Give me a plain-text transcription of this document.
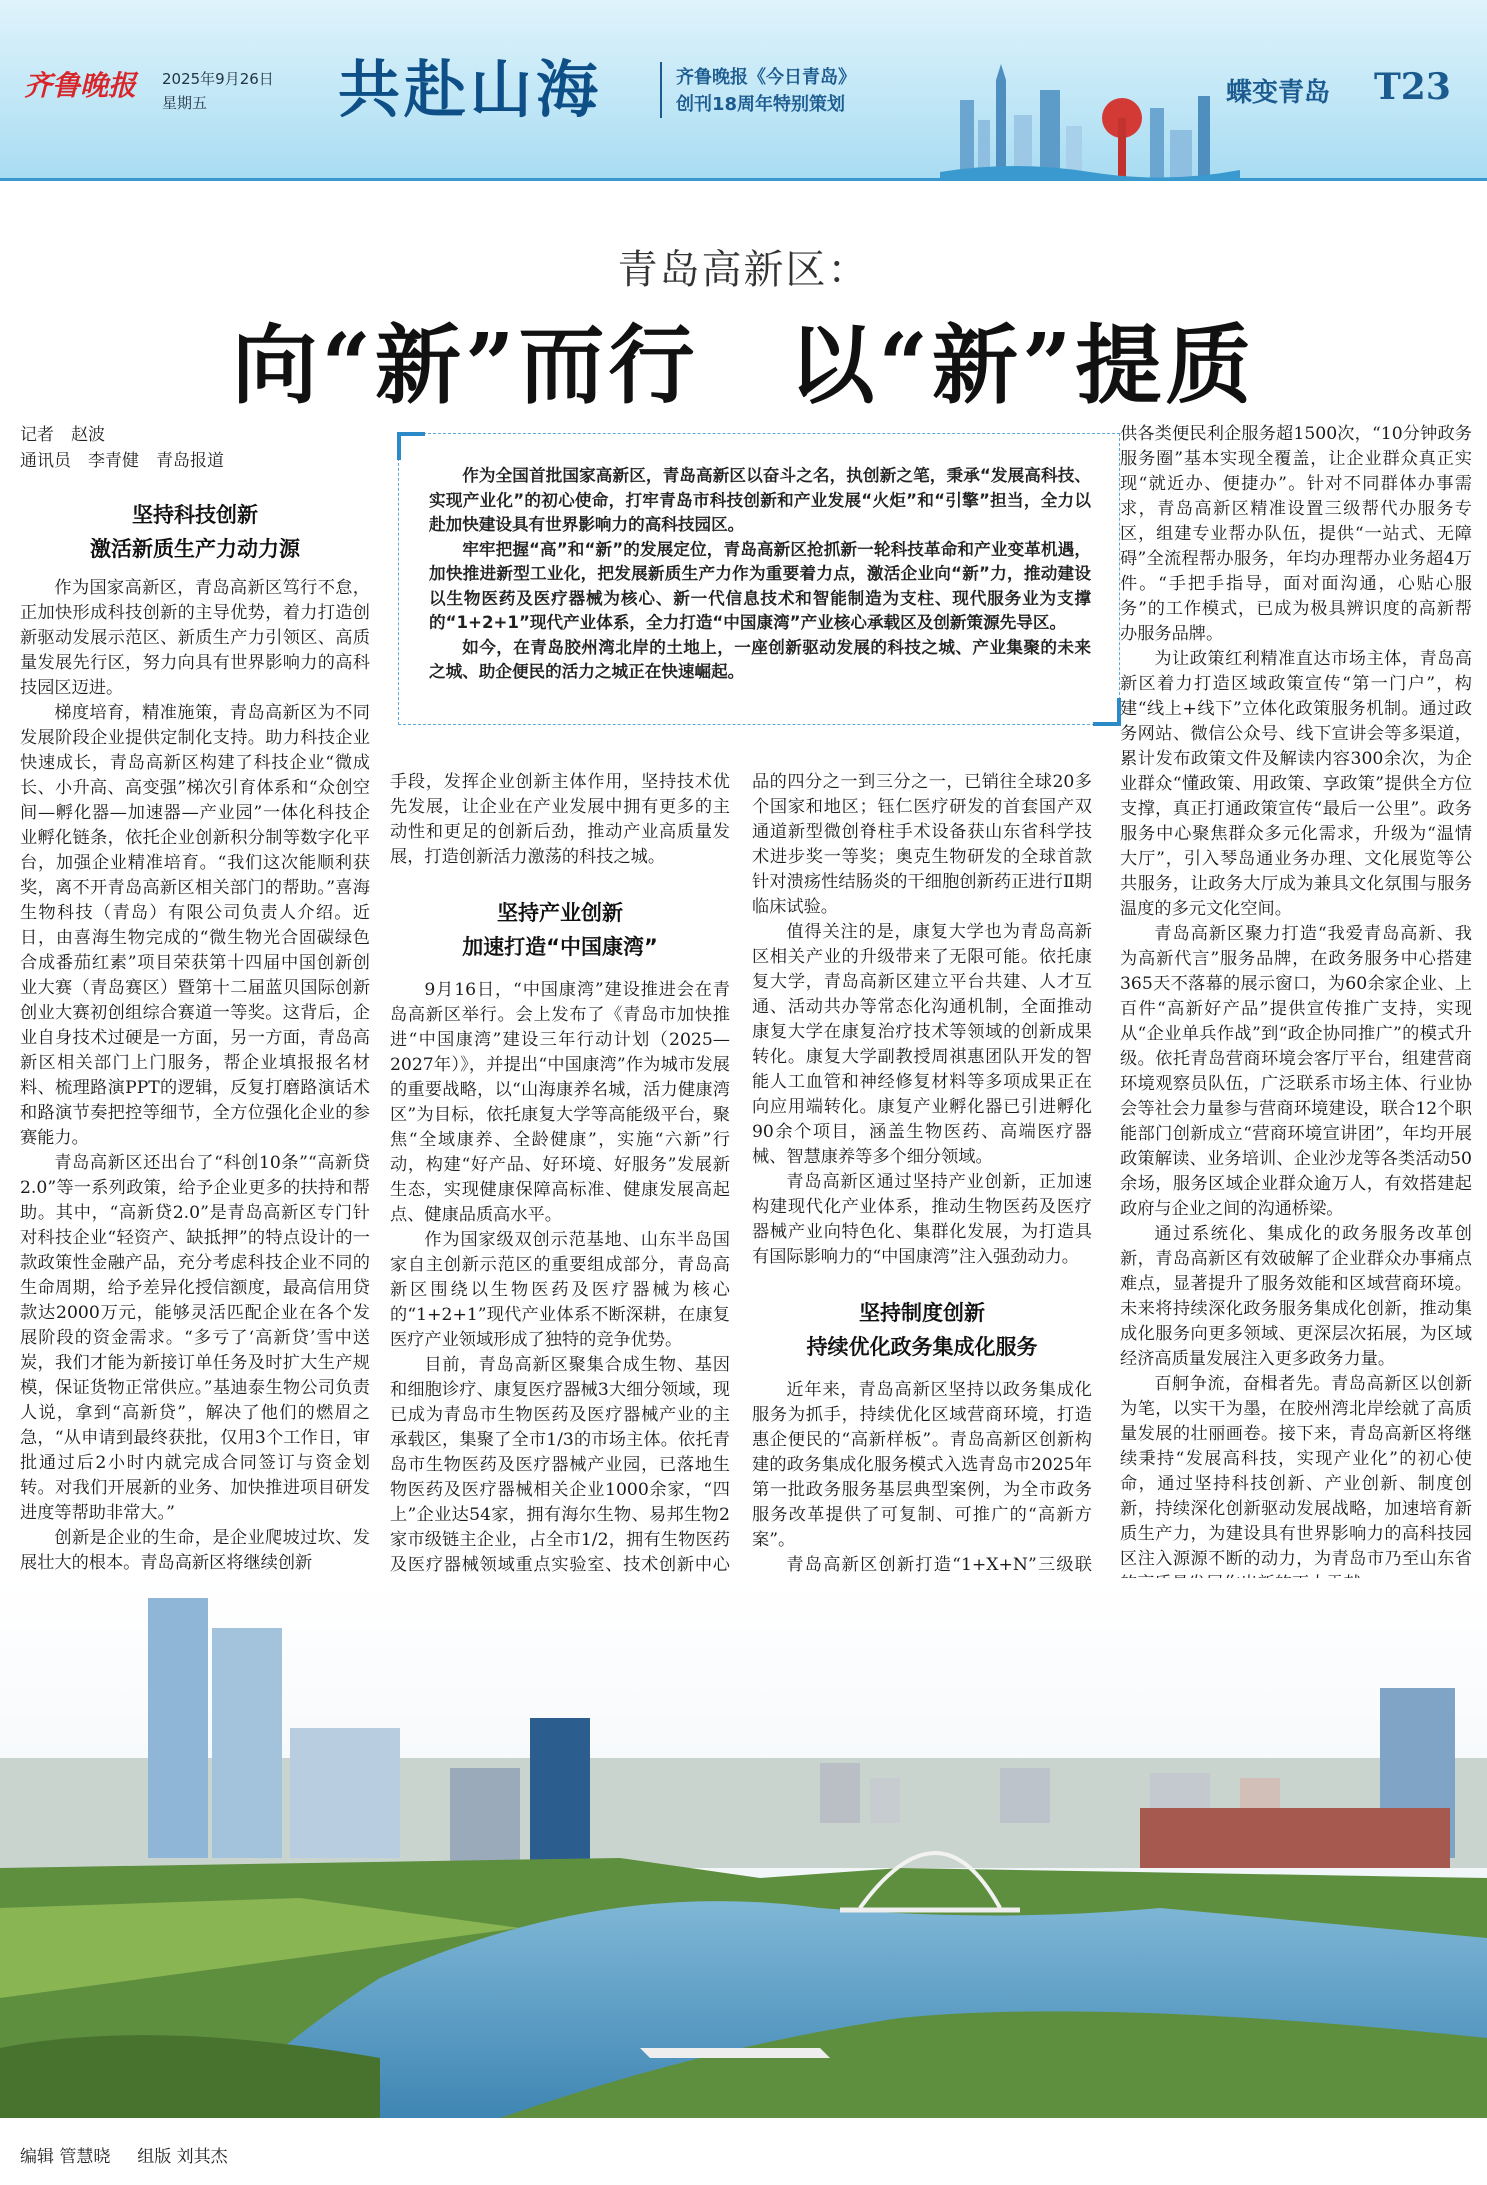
齐鲁晚报 2025年9月26日
星期五 共赴山海	齐鲁晚报《今日青岛》
创刊18周年特别策划	蝶变青岛 T23
青岛高新区：
向“新”而行　以“新”提质
记者　赵波
通讯员　李青健　青岛报道

作为全国首批国家高新区，青岛高新区以奋斗之名，执创新之笔，秉承“发展高科技、实现产业化”的初心使命，打牢青岛市科技创新和产业发展“火炬”和“引擎”担当，全力以赴加快建设具有世界影响力的高科技园区。

牢牢把握“高”和“新”的发展定位，青岛高新区抢抓新一轮科技革命和产业变革机遇，加快推进新型工业化，把发展新质生产力作为重要着力点，激活企业向“新”力，推动建设以生物医药及医疗器械为核心、新一代信息技术和智能制造为支柱、现代服务业为支撑的“1+2+1”现代产业体系，全力打造“中国康湾”产业核心承载区及创新策源先导区。

如今，在青岛胶州湾北岸的土地上，一座创新驱动发展的科技之城、产业集聚的未来之城、助企便民的活力之城正在快速崛起。

坚持科技创新
激活新质生产力动力源

作为国家高新区，青岛高新区笃行不怠，正加快形成科技创新的主导优势，着力打造创新驱动发展示范区、新质生产力引领区、高质量发展先行区，努力向具有世界影响力的高科技园区迈进。

梯度培育，精准施策，青岛高新区为不同发展阶段企业提供定制化支持。助力科技企业快速成长，青岛高新区构建了科技企业“微成长、小升高、高变强”梯次引育体系和“众创空间—孵化器—加速器—产业园”一体化科技企业孵化链条，依托企业创新积分制等数字化平台，加强企业精准培育。“我们这次能顺利获奖，离不开青岛高新区相关部门的帮助。”喜海生物科技（青岛）有限公司负责人介绍。近日，由喜海生物完成的“微生物光合固碳绿色合成番茄红素”项目荣获第十四届中国创新创业大赛（青岛赛区）暨第十二届蓝贝国际创新创业大赛初创组综合赛道一等奖。这背后，企业自身技术过硬是一方面，另一方面，青岛高新区相关部门上门服务，帮企业填报报名材料、梳理路演PPT的逻辑，反复打磨路演话术和路演节奏把控等细节，全方位强化企业的参赛能力。

青岛高新区还出台了“科创10条”“高新贷2.0”等一系列政策，给予企业更多的扶持和帮助。其中，“高新贷2.0”是青岛高新区专门针对科技企业“轻资产、缺抵押”的特点设计的一款政策性金融产品，充分考虑科技企业不同的生命周期，给予差异化授信额度，最高信用贷款达2000万元，能够灵活匹配企业在各个发展阶段的资金需求。“多亏了‘高新贷’雪中送炭，我们才能为新接订单任务及时扩大生产规模，保证货物正常供应。”基迪泰生物公司负责人说，拿到“高新贷”，解决了他们的燃眉之急，“从申请到最终获批，仅用3个工作日，审批通过后2小时内就完成合同签订与资金划转。对我们开展新的业务、加快推进项目研发进度等帮助非常大。”

创新是企业的生命，是企业爬坡过坎、发展壮大的根本。青岛高新区将继续创新

手段，发挥企业创新主体作用，坚持技术优先发展，让企业在产业发展中拥有更多的主动性和更足的创新后劲，推动产业高质量发展，打造创新活力激荡的科技之城。

坚持产业创新
加速打造“中国康湾”

9月16日，“中国康湾”建设推进会在青岛高新区举行。会上发布了《青岛市加快推进“中国康湾”建设三年行动计划（2025—2027年）》，并提出“中国康湾”作为城市发展的重要战略，以“山海康养名城，活力健康湾区”为目标，依托康复大学等高能级平台，聚焦“全域康养、全龄健康”，实施“六新”行动，构建“好产品、好环境、好服务”发展新生态，实现健康保障高标准、健康发展高起点、健康品质高水平。

作为国家级双创示范基地、山东半岛国家自主创新示范区的重要组成部分，青岛高新区围绕以生物医药及医疗器械为核心的“1+2+1”现代产业体系不断深耕，在康复医疗产业领域形成了独特的竞争优势。

目前，青岛高新区聚集合成生物、基因和细胞诊疗、康复医疗器械3大细分领域，现已成为青岛市生物医药及医疗器械产业的主承载区，集聚了全市1/3的市场主体。依托青岛市生物医药及医疗器械产业园，已落地生物医药及医疗器械相关企业1000余家，“四上”企业达54家，拥有海尔生物、易邦生物2家市级链主企业，占全市1/2，拥有生物医药及医疗器械领域重点实验室、技术创新中心

品的四分之一到三分之一，已销往全球20多个国家和地区；钰仁医疗研发的首套国产双通道新型微创脊柱手术设备获山东省科学技术进步奖一等奖；奥克生物研发的全球首款针对溃疡性结肠炎的干细胞创新药正进行Ⅱ期临床试验。

值得关注的是，康复大学也为青岛高新区相关产业的升级带来了无限可能。依托康复大学，青岛高新区建立平台共建、人才互通、活动共办等常态化沟通机制，全面推动康复大学在康复治疗技术等领域的创新成果转化。康复大学副教授周祺惠团队开发的智能人工血管和神经修复材料等多项成果正在向应用端转化。康复产业孵化器已引进孵化90余个项目，涵盖生物医药、高端医疗器械、智慧康养等多个细分领域。

青岛高新区通过坚持产业创新，正加速构建现代化产业体系，推动生物医药及医疗器械产业向特色化、集群化发展，为打造具有国际影响力的“中国康湾”注入强劲动力。

坚持制度创新
持续优化政务集成化服务

近年来，青岛高新区坚持以政务集成化服务为抓手，持续优化区域营商环境，打造惠企便民的“高新样板”。青岛高新区创新构建的政务集成化服务模式入选青岛市2025年第一批政务服务基层典型案例，为全市政务服务改革提供了可复制、可推广的“高新方案”。

青岛高新区创新打造“1+X+N”三级联

供各类便民利企服务超1500次，“10分钟政务服务圈”基本实现全覆盖，让企业群众真正实现“就近办、便捷办”。针对不同群体办事需求，青岛高新区精准设置三级帮代办服务专区，组建专业帮办队伍，提供“一站式、无障碍”全流程帮办服务，年均办理帮办业务超4万件。“手把手指导，面对面沟通，心贴心服务”的工作模式，已成为极具辨识度的高新帮办服务品牌。

为让政策红利精准直达市场主体，青岛高新区着力打造区域政策宣传“第一门户”，构建“线上+线下”立体化政策服务机制。通过政务网站、微信公众号、线下宣讲会等多渠道，累计发布政策文件及解读内容300余次，为企业群众“懂政策、用政策、享政策”提供全方位支撑，真正打通政策宣传“最后一公里”。政务服务中心聚焦群众多元化需求，升级为“温情大厅”，引入琴岛通业务办理、文化展览等公共服务，让政务大厅成为兼具文化氛围与服务温度的多元文化空间。

青岛高新区聚力打造“我爱青岛高新、我为高新代言”服务品牌，在政务服务中心搭建365天不落幕的展示窗口，为60余家企业、上百件“高新好产品”提供宣传推广支持，实现从“企业单兵作战”到“政企协同推广”的模式升级。依托青岛营商环境会客厅平台，组建营商环境观察员队伍，广泛联系市场主体、行业协会等社会力量参与营商环境建设，联合12个职能部门创新成立“营商环境宣讲团”，年均开展政策解读、业务培训、企业沙龙等各类活动50余场，服务区域企业群众逾万人，有效搭建起政府与企业之间的沟通桥梁。

通过系统化、集成化的政务服务改革创新，青岛高新区有效破解了企业群众办事痛点难点，显著提升了服务效能和区域营商环境。未来将持续深化政务服务集成化创新，推动集成化服务向更多领域、更深层次拓展，为区域经济高质量发展注入更多政务力量。

百舸争流，奋楫者先。青岛高新区以创新为笔，以实干为墨，在胶州湾北岸绘就了高质量发展的壮丽画卷。接下来，青岛高新区将继续秉持“发展高科技，实现产业化”的初心使命，通过坚持科技创新、产业创新、制度创新，持续深化创新驱动发展战略，加速培育新质生产力，为建设具有世界影响力的高科技园区注入源源不断的动力，为青岛市乃至山东省

编辑 管慧晓 组版 刘其杰
